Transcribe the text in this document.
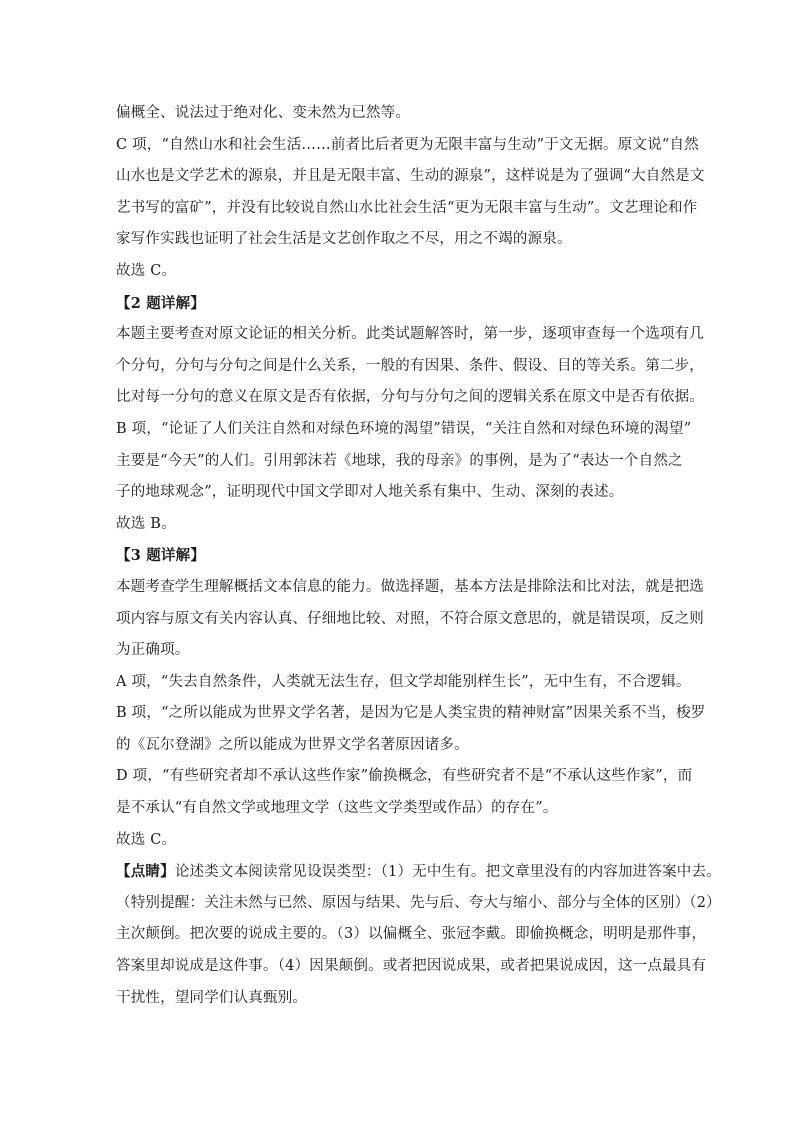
偏概全、说法过于绝对化、变未然为已然等。
C 项，“自然山水和社会生活……前者比后者更为无限丰富与生动”于文无据。原文说“自然
山水也是文学艺术的源泉，并且是无限丰富、生动的源泉”，这样说是为了强调“大自然是文
艺书写的富矿”，并没有比较说自然山水比社会生活“更为无限丰富与生动”。文艺理论和作
家写作实践也证明了社会生活是文艺创作取之不尽，用之不竭的源泉。
故选 C。
【2 题详解】
本题主要考查对原文论证的相关分析。此类试题解答时，第一步，逐项审查每一个选项有几
个分句，分句与分句之间是什么关系，一般的有因果、条件、假设、目的等关系。第二步，
比对每一分句的意义在原文是否有依据，分句与分句之间的逻辑关系在原文中是否有依据。
B 项，“论证了人们关注自然和对绿色环境的渴望”错误，“关注自然和对绿色环境的渴望”
主要是“今天”的人们。引用郭沫若《地球，我的母亲》的事例，是为了“表达一个自然之
子的地球观念”，证明现代中国文学即对人地关系有集中、生动、深刻的表述。
故选 B。
【3 题详解】
本题考查学生理解概括文本信息的能力。做选择题，基本方法是排除法和比对法，就是把选
项内容与原文有关内容认真、仔细地比较、对照，不符合原文意思的，就是错误项，反之则
为正确项。
A 项，“失去自然条件，人类就无法生存，但文学却能别样生长”，无中生有，不合逻辑。
B 项，“之所以能成为世界文学名著，是因为它是人类宝贵的精神财富”因果关系不当，梭罗
的《瓦尔登湖》之所以能成为世界文学名著原因诸多。
D 项，“有些研究者却不承认这些作家”偷换概念，有些研究者不是“不承认这些作家”，而
是不承认“有自然文学或地理文学（这些文学类型或作品）的存在”。
故选 C。
【点睛】论述类文本阅读常见设误类型：（1）无中生有。把文章里没有的内容加进答案中去。
（特别提醒：关注未然与已然、原因与结果、先与后、夸大与缩小、部分与全体的区别）（2）
主次颠倒。把次要的说成主要的。（3）以偏概全、张冠李戴。即偷换概念，明明是那件事，
答案里却说成是这件事。（4）因果颠倒。或者把因说成果，或者把果说成因，这一点最具有
干扰性，望同学们认真甄别。
